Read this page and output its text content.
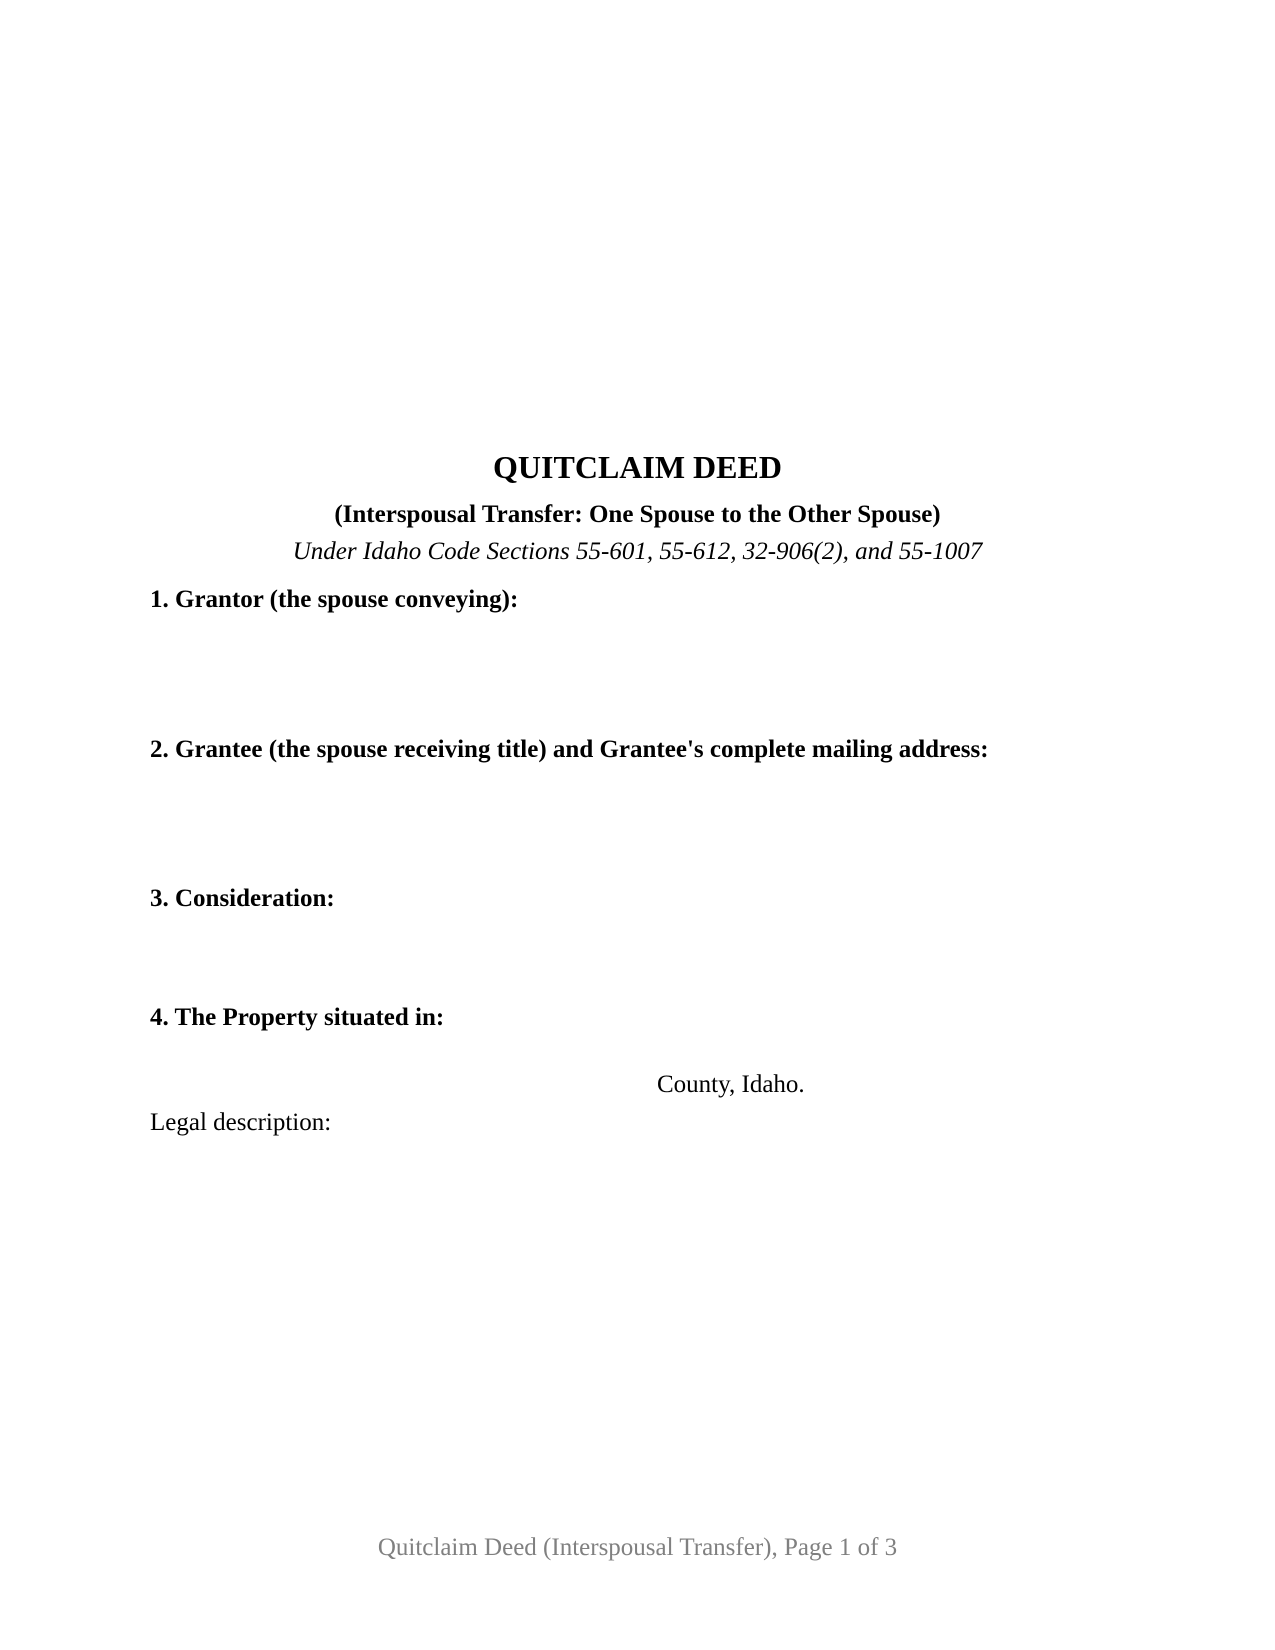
QUITCLAIM DEED
(Interspousal Transfer: One Spouse to the Other Spouse)
Under Idaho Code Sections 55-601, 55-612, 32-906(2), and 55-1007
1. Grantor (the spouse conveying):
2. Grantee (the spouse receiving title) and Grantee's complete mailing address:
3. Consideration:
4. The Property situated in:
County, Idaho.
Legal description:
Quitclaim Deed (Interspousal Transfer), Page 1 of 3
